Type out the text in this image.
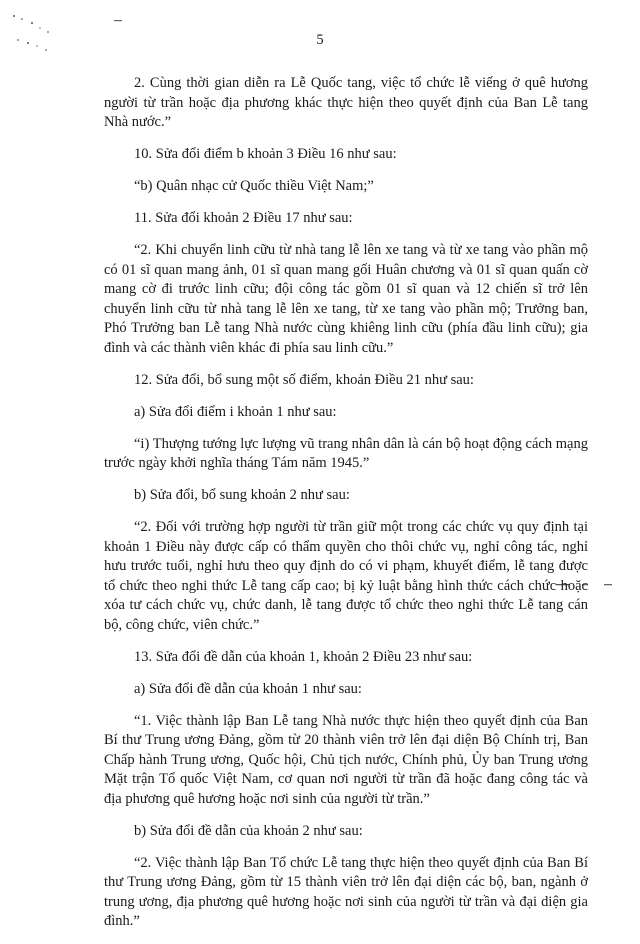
5

2. Cùng thời gian diễn ra Lễ Quốc tang, việc tổ chức lễ viếng ở quê hương người từ trần hoặc địa phương khác thực hiện theo quyết định của Ban Lễ tang Nhà nước.”

10. Sửa đổi điểm b khoản 3 Điều 16 như sau:

“b) Quân nhạc cử Quốc thiều Việt Nam;”

11. Sửa đổi khoản 2 Điều 17 như sau:

“2. Khi chuyển linh cữu từ nhà tang lễ lên xe tang và từ xe tang vào phần mộ có 01 sĩ quan mang ảnh, 01 sĩ quan mang gối Huân chương và 01 sĩ quan quấn cờ mang cờ đi trước linh cữu; đội công tác gồm 01 sĩ quan và 12 chiến sĩ trở lên chuyển linh cữu từ nhà tang lễ lên xe tang, từ xe tang vào phần mộ; Trưởng ban, Phó Trưởng ban Lễ tang Nhà nước cùng khiêng linh cữu (phía đầu linh cữu); gia đình và các thành viên khác đi phía sau linh cữu.”

12. Sửa đổi, bổ sung một số điểm, khoản Điều 21 như sau:

a) Sửa đổi điểm i khoản 1 như sau:

“i) Thượng tướng lực lượng vũ trang nhân dân là cán bộ hoạt động cách mạng trước ngày khởi nghĩa tháng Tám năm 1945.”

b) Sửa đổi, bổ sung khoản 2 như sau:

“2. Đối với trường hợp người từ trần giữ một trong các chức vụ quy định tại khoản 1 Điều này được cấp có thẩm quyền cho thôi chức vụ, nghỉ công tác, nghỉ hưu trước tuổi, nghỉ hưu theo quy định do có vi phạm, khuyết điểm, lễ tang được tổ chức theo nghi thức Lễ tang cấp cao; bị kỷ luật bằng hình thức cách chức hoặc xóa tư cách chức vụ, chức danh, lễ tang được tổ chức theo nghi thức Lễ tang cán bộ, công chức, viên chức.”

13. Sửa đổi đề dẫn của khoản 1, khoản 2 Điều 23 như sau:

a) Sửa đổi đề dẫn của khoản 1 như sau:

“1. Việc thành lập Ban Lễ tang Nhà nước thực hiện theo quyết định của Ban Bí thư Trung ương Đảng, gồm từ 20 thành viên trở lên đại diện Bộ Chính trị, Ban Chấp hành Trung ương, Quốc hội, Chủ tịch nước, Chính phủ, Ủy ban Trung ương Mặt trận Tổ quốc Việt Nam, cơ quan nơi người từ trần đã hoặc đang công tác và địa phương quê hương hoặc nơi sinh của người từ trần.”

b) Sửa đổi đề dẫn của khoản 2 như sau:

“2. Việc thành lập Ban Tổ chức Lễ tang thực hiện theo quyết định của Ban Bí thư Trung ương Đảng, gồm từ 15 thành viên trở lên đại diện các bộ, ban, ngành ở trung ương, địa phương quê hương hoặc nơi sinh của người từ trần và đại diện gia đình.”
